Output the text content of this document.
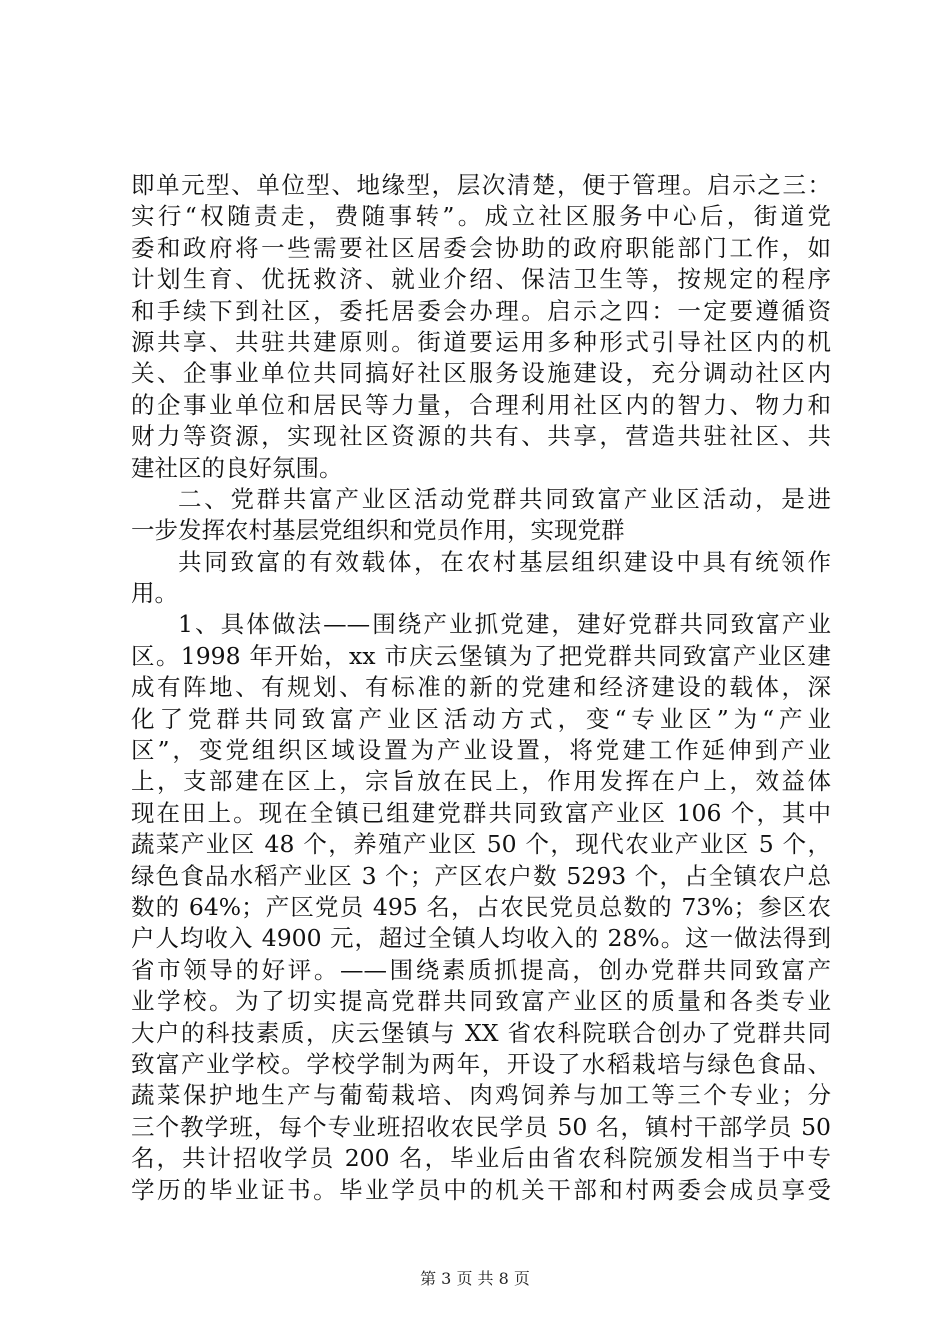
即单元型、单位型、地缘型，层次清楚，便于管理。启示之三：
实行“权随责走，费随事转”。成立社区服务中心后，街道党
委和政府将一些需要社区居委会协助的政府职能部门工作，如
计划生育、优抚救济、就业介绍、保洁卫生等，按规定的程序
和手续下到社区，委托居委会办理。启示之四：一定要遵循资
源共享、共驻共建原则。街道要运用多种形式引导社区内的机
关、企事业单位共同搞好社区服务设施建设，充分调动社区内
的企事业单位和居民等力量，合理利用社区内的智力、物力和
财力等资源，实现社区资源的共有、共享，营造共驻社区、共
建社区的良好氛围。
二、党群共富产业区活动党群共同致富产业区活动，是进
一步发挥农村基层党组织和党员作用，实现党群
共同致富的有效载体，在农村基层组织建设中具有统领作
用。
1、具体做法——围绕产业抓党建，建好党群共同致富产业
区。1998 年开始，xx 市庆云堡镇为了把党群共同致富产业区建
成有阵地、有规划、有标准的新的党建和经济建设的载体，深
化了党群共同致富产业区活动方式，变“专业区”为“产业
区”，变党组织区域设置为产业设置，将党建工作延伸到产业
上，支部建在区上，宗旨放在民上，作用发挥在户上，效益体
现在田上。现在全镇已组建党群共同致富产业区 106 个，其中
蔬菜产业区 48 个，养殖产业区 50 个，现代农业产业区 5 个，
绿色食品水稻产业区 3 个；产区农户数 5293 个，占全镇农户总
数的 64%；产区党员 495 名，占农民党员总数的 73%；参区农
户人均收入 4900 元，超过全镇人均收入的 28%。这一做法得到
省市领导的好评。——围绕素质抓提高，创办党群共同致富产
业学校。为了切实提高党群共同致富产业区的质量和各类专业
大户的科技素质，庆云堡镇与 XX 省农科院联合创办了党群共同
致富产业学校。学校学制为两年，开设了水稻栽培与绿色食品、
蔬菜保护地生产与葡萄栽培、肉鸡饲养与加工等三个专业；分
三个教学班，每个专业班招收农民学员 50 名，镇村干部学员 50
名，共计招收学员 200 名，毕业后由省农科院颁发相当于中专
学历的毕业证书。毕业学员中的机关干部和村两委会成员享受
第 3 页 共 8 页
